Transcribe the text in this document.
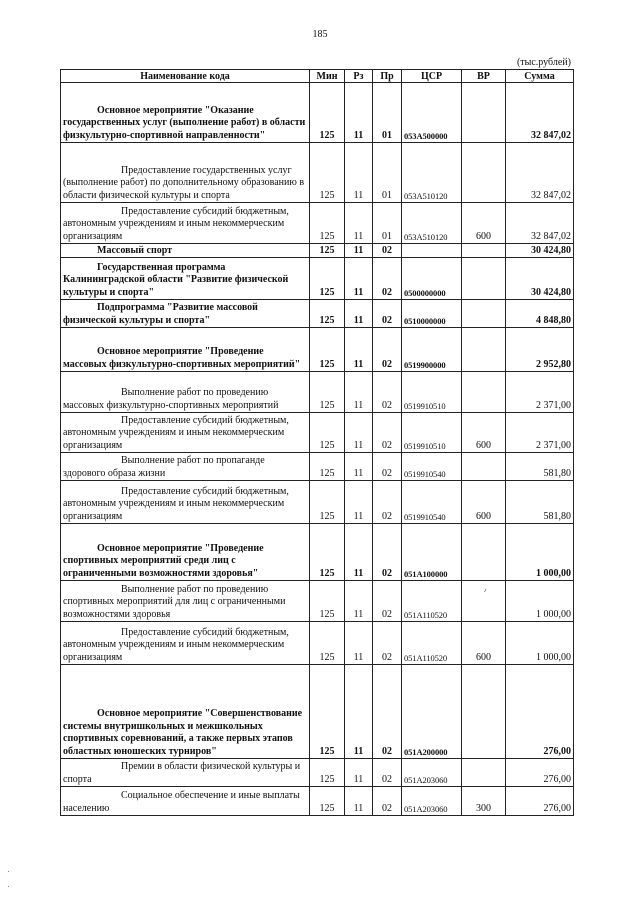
185
(тыс.рублей)
Наименование кода	Мин	Рз	Пр	ЦСР	ВР	Сумма
Основное мероприятие "Оказание государственных услуг (выполнение работ) в области физкультурно-спортивной направленности"	125	11	01	053A500000		32 847,02
Предоставление государственных услуг (выполнение работ) по дополнительному образованию в области физической культуры и спорта	125	11	01	053A510120		32 847,02
Предоставление субсидий бюджетным, автономным учреждениям и иным некоммерческим организациям	125	11	01	053A510120	600	32 847,02
Массовый спорт	125	11	02			30 424,80
Государственная программа Калининградской области "Развитие физической культуры и спорта"	125	11	02	0500000000		30 424,80
Подпрограмма "Развитие массовой физической культуры и спорта"	125	11	02	0510000000		4 848,80
Основное мероприятие "Проведение массовых физкультурно-спортивных мероприятий"	125	11	02	0519900000		2 952,80
Выполнение работ по проведению массовых физкультурно-спортивных мероприятий	125	11	02	0519910510		2 371,00
Предоставление субсидий бюджетным, автономным учреждениям и иным некоммерческим организациям	125	11	02	0519910510	600	2 371,00
Выполнение работ по пропаганде здорового образа жизни	125	11	02	0519910540		581,80
Предоставление субсидий бюджетным, автономным учреждениям и иным некоммерческим организациям	125	11	02	0519910540	600	581,80
Основное мероприятие "Проведение спортивных мероприятий среди лиц с ограниченными возможностями здоровья"	125	11	02	051A100000		1 000,00
Выполнение работ по проведению спортивных мероприятий для лиц с ограниченными возможностями здоровья	125	11	02	051A110520		1 000,00
Предоставление субсидий бюджетным, автономным учреждениям и иным некоммерческим организациям	125	11	02	051A110520	600	1 000,00
Основное мероприятие "Совершенствование системы внутришкольных и межшкольных спортивных соревнований, а также первых этапов областных юношеских турниров"	125	11	02	051A200000		276,00
Премии в области физической культуры и спорта	125	11	02	051A203060		276,00
Социальное обеспечение и иные выплаты населению	125	11	02	051A203060	300	276,00
٫
